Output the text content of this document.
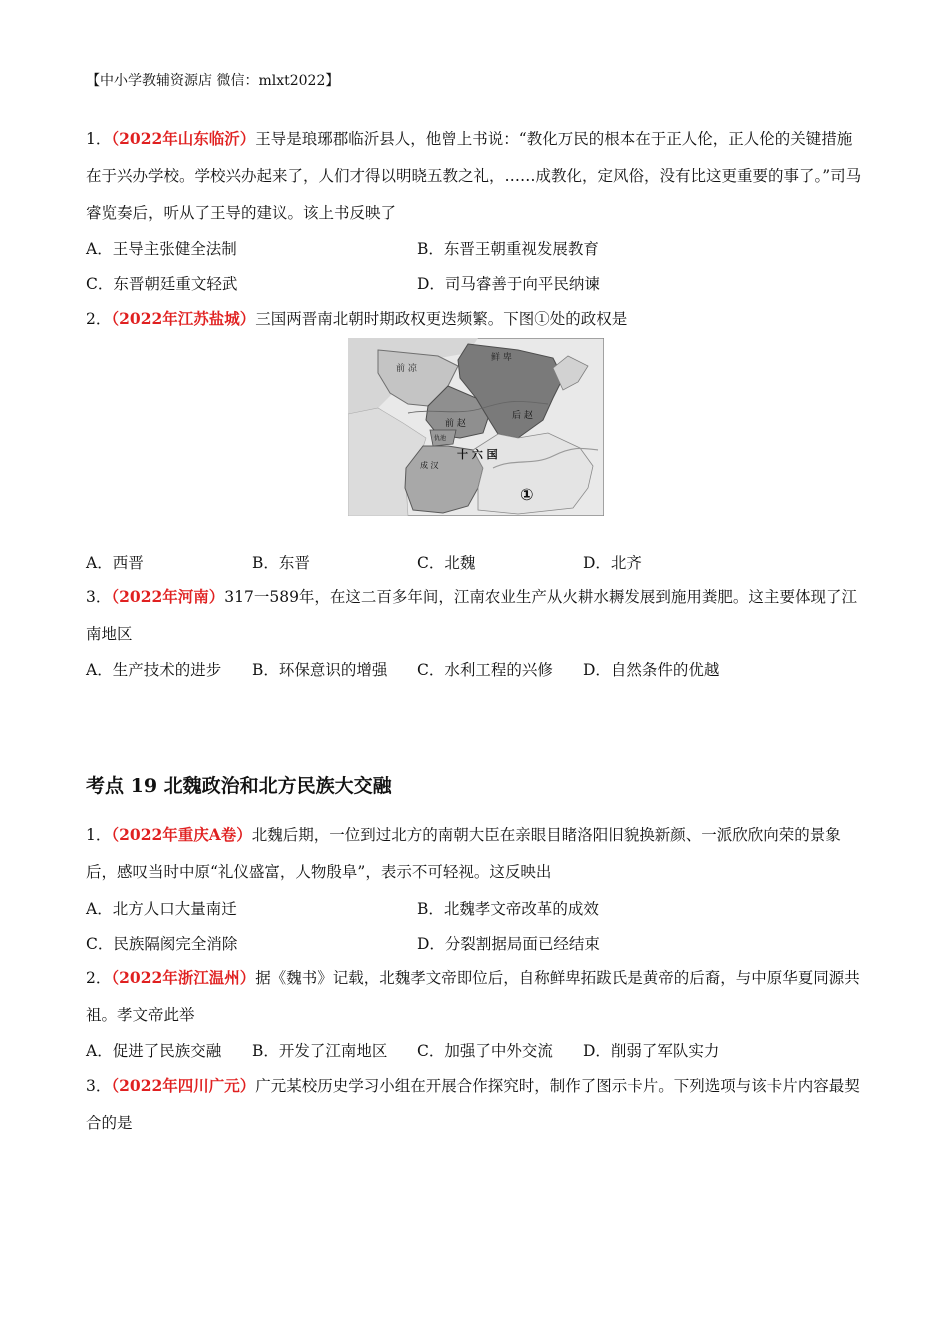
【中小学教辅资源店 微信：mlxt2022】
1．（2022年山东临沂）王导是琅琊郡临沂县人，他曾上书说：“教化万民的根本在于正人伦，正人伦的关键措施在于兴办学校。学校兴办起来了，人们才得以明晓五教之礼，……成教化，定风俗，没有比这更重要的事了。”司马睿览奏后，听从了王导的建议。该上书反映了
A．王导主张健全法制	B．东晋王朝重视发展教育
C．东晋朝廷重文轻武	D．司马睿善于向平民纳谏
2．（2022年江苏盐城）三国两晋南北朝时期政权更迭频繁。下图①处的政权是
鲜 卑
前 凉
前 赵
后 赵
十 六 国
成 汉
仇池
①
A．西晋	B．东晋	C．北魏	D．北齐
3．（2022年河南）317一589年，在这二百多年间，江南农业生产从火耕水耨发展到施用粪肥。这主要体现了江南地区
A．生产技术的进步 B．环保意识的增强 C．水利工程的兴修 D．自然条件的优越
考点 19 北魏政治和北方民族大交融
1．（2022年重庆A卷）北魏后期，一位到过北方的南朝大臣在亲眼目睹洛阳旧貌换新颜、一派欣欣向荣的景象后，感叹当时中原“礼仪盛富，人物殷阜”，表示不可轻视。这反映出
A．北方人口大量南迁	B．北魏孝文帝改革的成效
C．民族隔阂完全消除	D．分裂割据局面已经结束
2．（2022年浙江温州）据《魏书》记载，北魏孝文帝即位后，自称鲜卑拓跋氏是黄帝的后裔，与中原华夏同源共祖。孝文帝此举
A．促进了民族交融 B．开发了江南地区 C．加强了中外交流 D．削弱了军队实力
3．（2022年四川广元）广元某校历史学习小组在开展合作探究时，制作了图示卡片。下列选项与该卡片内容最契合的是
